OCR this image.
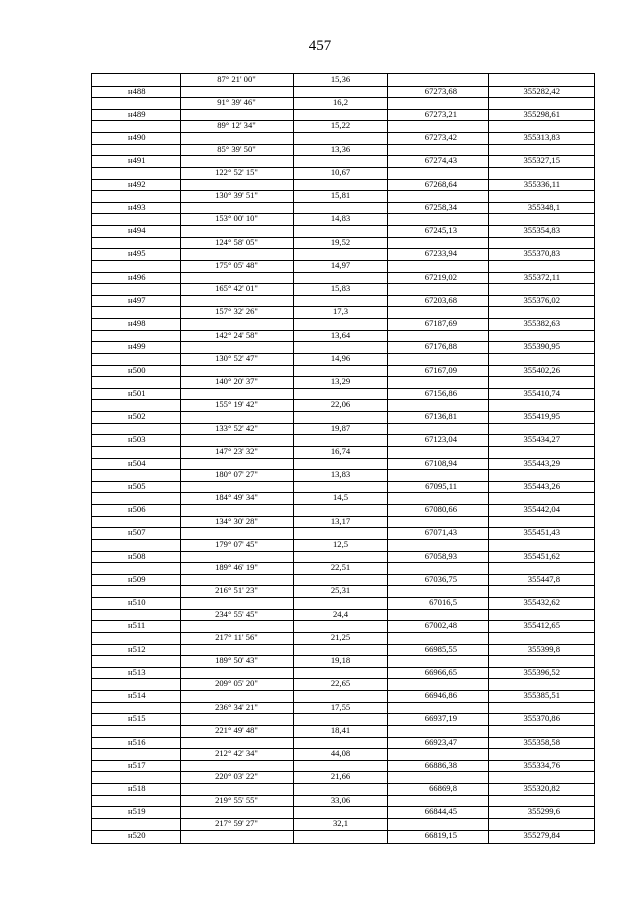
457
87° 21' 00"	15,36
н488	67273,68	355282,42
91° 39' 46"	16,2
н489	67273,21	355298,61
89° 12' 34"	15,22
н490	67273,42	355313,83
85° 39' 50"	13,36
н491	67274,43	355327,15
122° 52' 15"	10,67
н492	67268,64	355336,11
130° 39' 51"	15,81
н493	67258,34	355348,1
153° 00' 10"	14,83
н494	67245,13	355354,83
124° 58' 05"	19,52
н495	67233,94	355370,83
175° 05' 48"	14,97
н496	67219,02	355372,11
165° 42' 01"	15,83
н497	67203,68	355376,02
157° 32' 26"	17,3
н498	67187,69	355382,63
142° 24' 58"	13,64
н499	67176,88	355390,95
130° 52' 47"	14,96
н500	67167,09	355402,26
140° 20' 37"	13,29
н501	67156,86	355410,74
155° 19' 42"	22,06
н502	67136,81	355419,95
133° 52' 42"	19,87
н503	67123,04	355434,27
147° 23' 32"	16,74
н504	67108,94	355443,29
180° 07' 27"	13,83
н505	67095,11	355443,26
184° 49' 34"	14,5
н506	67080,66	355442,04
134° 30' 28"	13,17
н507	67071,43	355451,43
179° 07' 45"	12,5
н508	67058,93	355451,62
189° 46' 19"	22,51
н509	67036,75	355447,8
216° 51' 23"	25,31
н510	67016,5	355432,62
234° 55' 45"	24,4
н511	67002,48	355412,65
217° 11' 56"	21,25
н512	66985,55	355399,8
189° 50' 43"	19,18
н513	66966,65	355396,52
209° 05' 20"	22,65
н514	66946,86	355385,51
236° 34' 21"	17,55
н515	66937,19	355370,86
221° 49' 48"	18,41
н516	66923,47	355358,58
212° 42' 34"	44,08
н517	66886,38	355334,76
220° 03' 22"	21,66
н518	66869,8	355320,82
219° 55' 55"	33,06
н519	66844,45	355299,6
217° 59' 27"	32,1
н520	66819,15	355279,84
